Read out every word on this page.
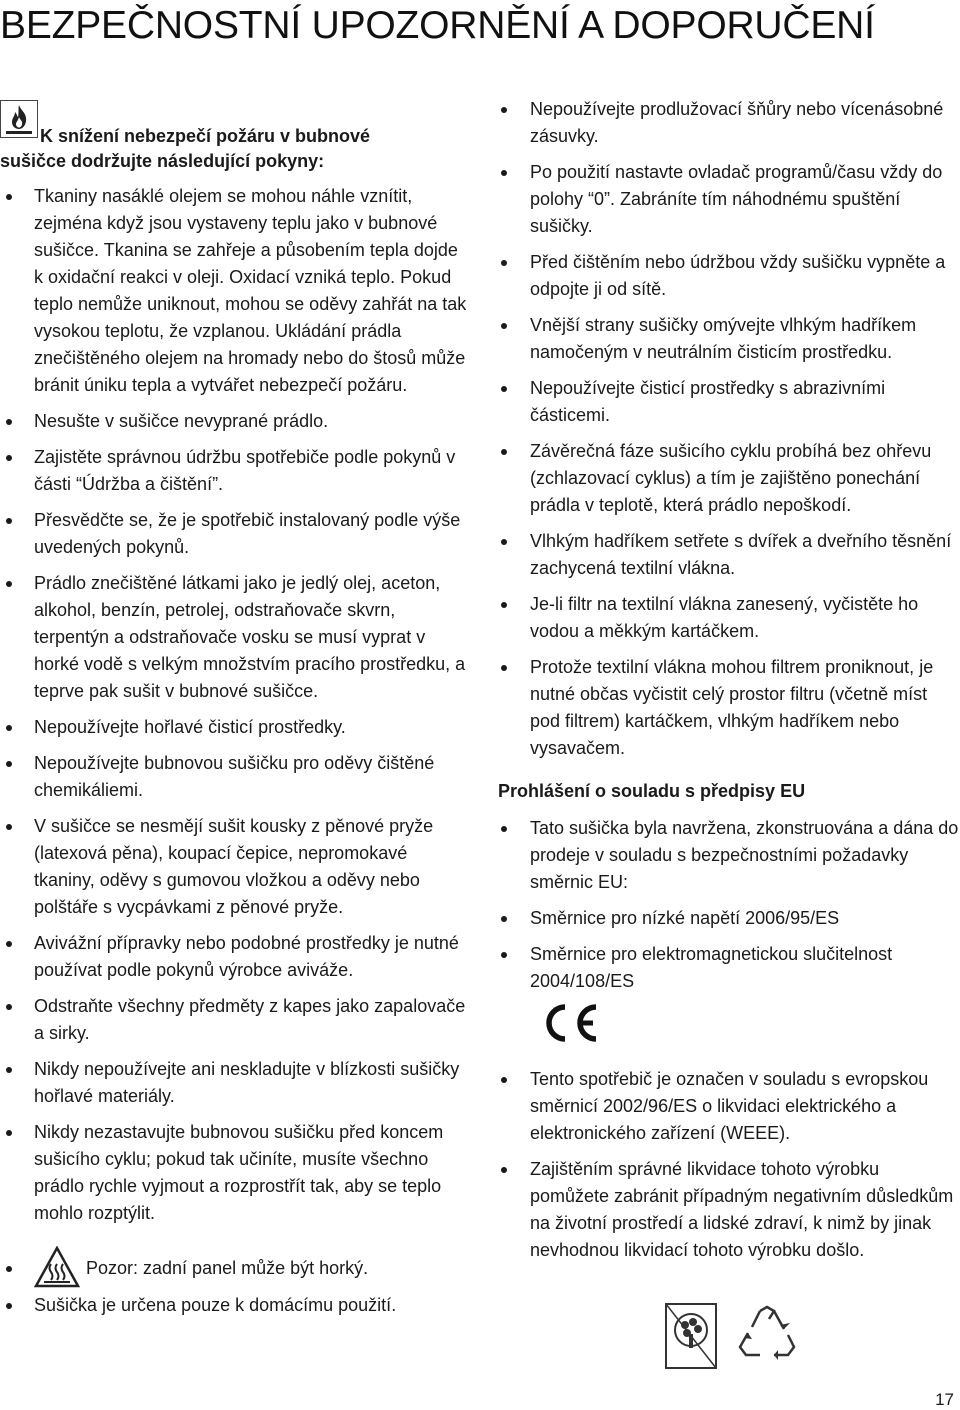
BEZPEČNOSTNÍ UPOZORNĚNÍ A DOPORUČENÍ
K snížení nebezpečí požáru v bubnové
sušičce dodržujte následující pokyny:
Tkaniny nasáklé olejem se mohou náhle vznítit, zejména když jsou vystaveny teplu jako v bubnové sušičce. Tkanina se zahřeje a působením tepla dojde k oxidační reakci v oleji. Oxidací vzniká teplo. Pokud teplo nemůže uniknout, mohou se oděvy zahřát na tak vysokou teplotu, že vzplanou. Ukládání prádla znečištěného olejem na hromady nebo do štosů může bránit úniku tepla a vytvářet nebezpečí požáru.
Nesušte v sušičce nevyprané prádlo.
Zajistěte správnou údržbu spotřebiče podle pokynů v části “Údržba a čištění”.
Přesvědčte se, že je spotřebič instalovaný podle výše uvedených pokynů.
Prádlo znečištěné látkami jako je jedlý olej, aceton, alkohol, benzín, petrolej, odstraňovače skvrn, terpentýn a odstraňovače vosku se musí vyprat v horké vodě s velkým množstvím pracího prostředku, a teprve pak sušit v bubnové sušičce.
Nepoužívejte hořlavé čisticí prostředky.
Nepoužívejte bubnovou sušičku pro oděvy čištěné chemikáliemi.
V sušičce se nesmějí sušit kousky z pěnové pryže (latexová pěna), koupací čepice, nepromokavé tkaniny, oděvy s gumovou vložkou a oděvy nebo polštáře s vycpávkami z pěnové pryže.
Avivážní přípravky nebo podobné prostředky je nutné používat podle pokynů výrobce aviváže.
Odstraňte všechny předměty z kapes jako zapalovače a sirky.
Nikdy nepoužívejte ani neskladujte v blízkosti sušičky hořlavé materiály.
Nikdy nezastavujte bubnovou sušičku před koncem sušicího cyklu; pokud tak učiníte, musíte všechno prádlo rychle vyjmout a rozprostřít tak, aby se teplo mohlo rozptýlit.
Pozor: zadní panel může být horký.
Sušička je určena pouze k domácímu použití.
Nepoužívejte prodlužovací šňůry nebo vícenásobné zásuvky.
Po použití nastavte ovladač programů/času vždy do polohy “0”. Zabráníte tím náhodnému spuštění sušičky.
Před čištěním nebo údržbou vždy sušičku vypněte a odpojte ji od sítě.
Vnější strany sušičky omývejte vlhkým hadříkem namočeným v neutrálním čisticím prostředku.
Nepoužívejte čisticí prostředky s abrazivními částicemi.
Závěrečná fáze sušicího cyklu probíhá bez ohřevu (zchlazovací cyklus) a tím je zajištěno ponechání prádla v teplotě, která prádlo nepoškodí.
Vlhkým hadříkem setřete s dvířek a dveřního těsnění zachycená textilní vlákna.
Je-li filtr na textilní vlákna zanesený, vyčistěte ho vodou a měkkým kartáčkem.
Protože textilní vlákna mohou filtrem proniknout, je nutné občas vyčistit celý prostor filtru (včetně míst pod filtrem) kartáčkem, vlhkým hadříkem nebo vysavačem.
Prohlášení o souladu s předpisy EU
Tato sušička byla navržena, zkonstruována a dána do prodeje v souladu s bezpečnostními požadavky směrnic EU:
Směrnice pro nízké napětí 2006/95/ES
Směrnice pro elektromagnetickou slučitelnost 2004/108/ES
Tento spotřebič je označen v souladu s evropskou směrnicí 2002/96/ES o likvidaci elektrického a elektronického zařízení (WEEE).
Zajištěním správné likvidace tohoto výrobku pomůžete zabránit případným negativním důsledkům na životní prostředí a lidské zdraví, k nimž by jinak nevhodnou likvidací tohoto výrobku došlo.
17
